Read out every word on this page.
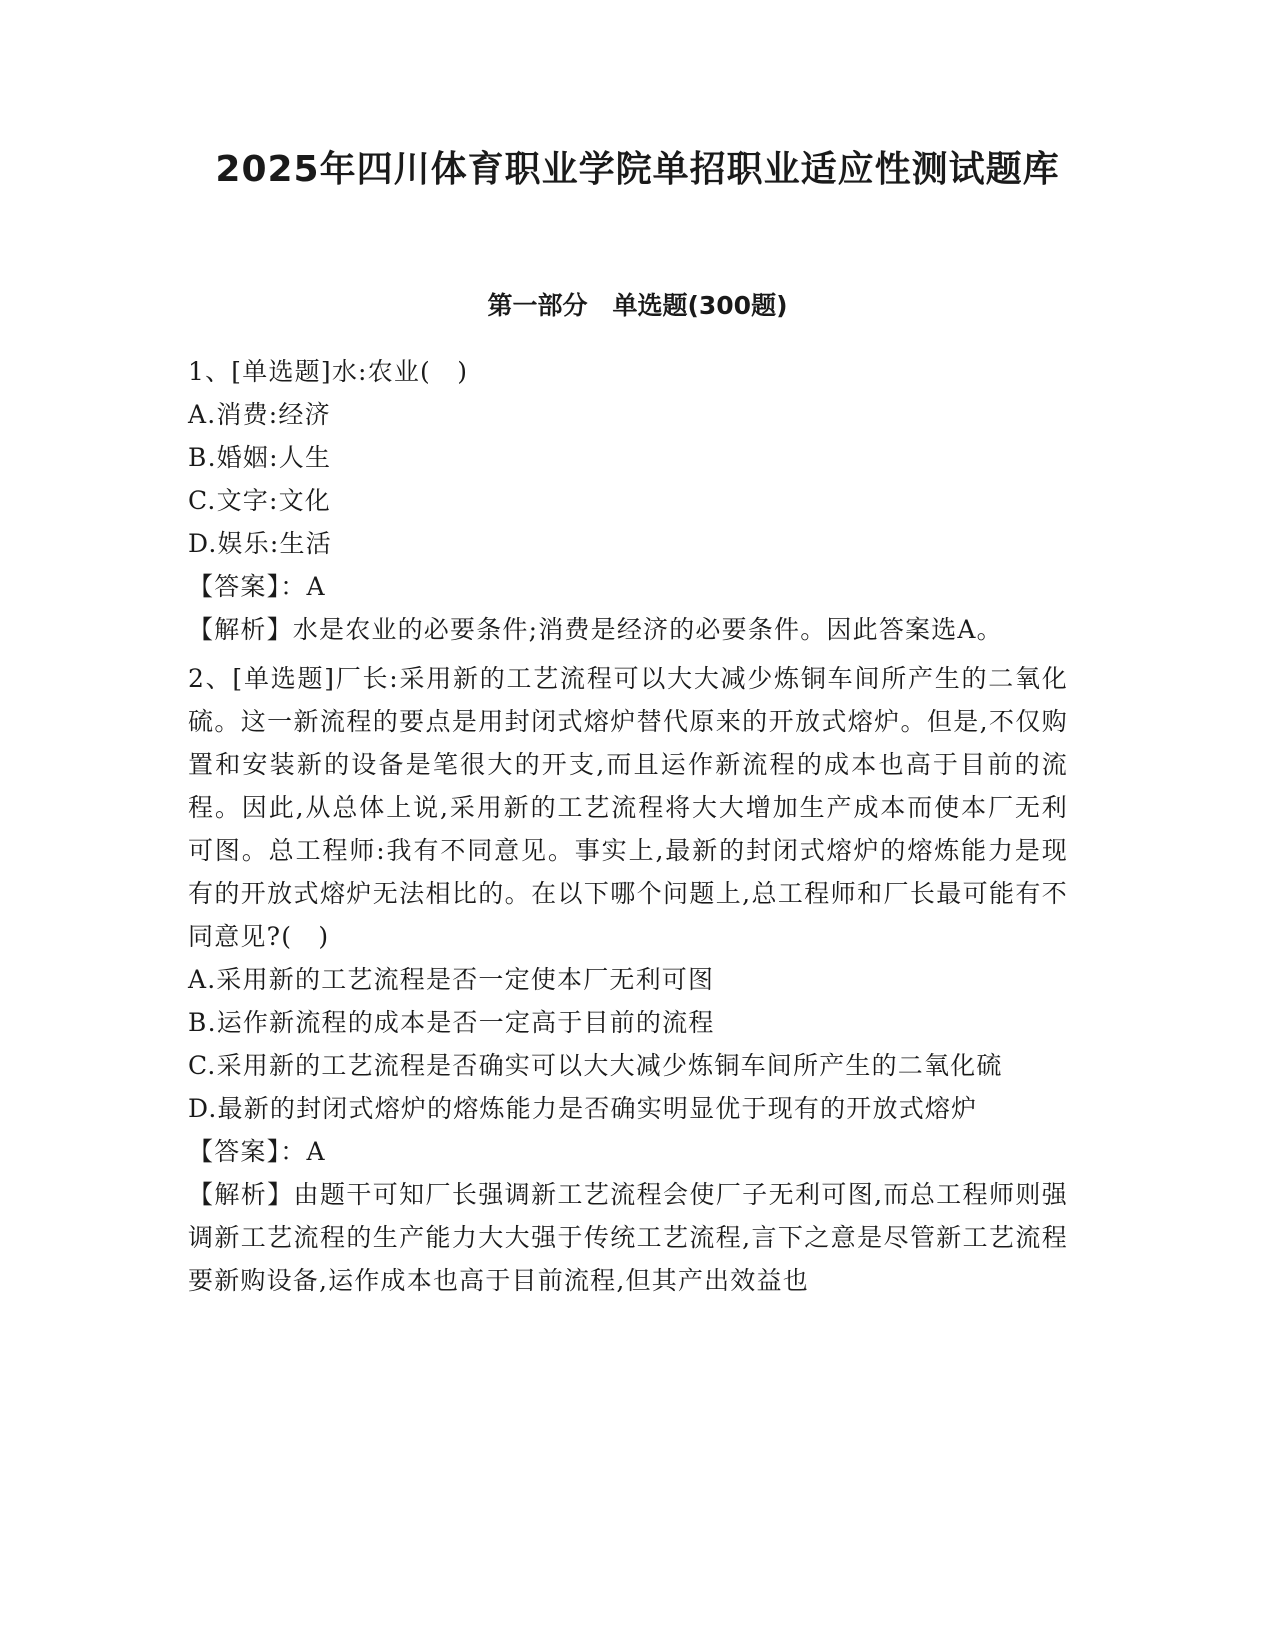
2025年四川体育职业学院单招职业适应性测试题库
第一部分　单选题(300题)

1、[单选题]水:农业(　)

A.消费:经济

B.婚姻:人生

C.文字:文化

D.娱乐:生活

【答案】：A

【解析】水是农业的必要条件;消费是经济的必要条件。因此答案选A。

2、[单选题]厂长:采用新的工艺流程可以大大减少炼铜车间所产生的二氧化硫。这一新流程的要点是用封闭式熔炉替代原来的开放式熔炉。但是,不仅购置和安装新的设备是笔很大的开支,而且运作新流程的成本也高于目前的流程。因此,从总体上说,采用新的工艺流程将大大增加生产成本而使本厂无利可图。总工程师:我有不同意见。事实上,最新的封闭式熔炉的熔炼能力是现有的开放式熔炉无法相比的。在以下哪个问题上,总工程师和厂长最可能有不同意见?(　)

A.采用新的工艺流程是否一定使本厂无利可图

B.运作新流程的成本是否一定高于目前的流程

C.采用新的工艺流程是否确实可以大大减少炼铜车间所产生的二氧化硫

D.最新的封闭式熔炉的熔炼能力是否确实明显优于现有的开放式熔炉

【答案】：A

【解析】由题干可知厂长强调新工艺流程会使厂子无利可图,而总工程师则强调新工艺流程的生产能力大大强于传统工艺流程,言下之意是尽管新工艺流程要新购设备,运作成本也高于目前流程,但其产出效益也
